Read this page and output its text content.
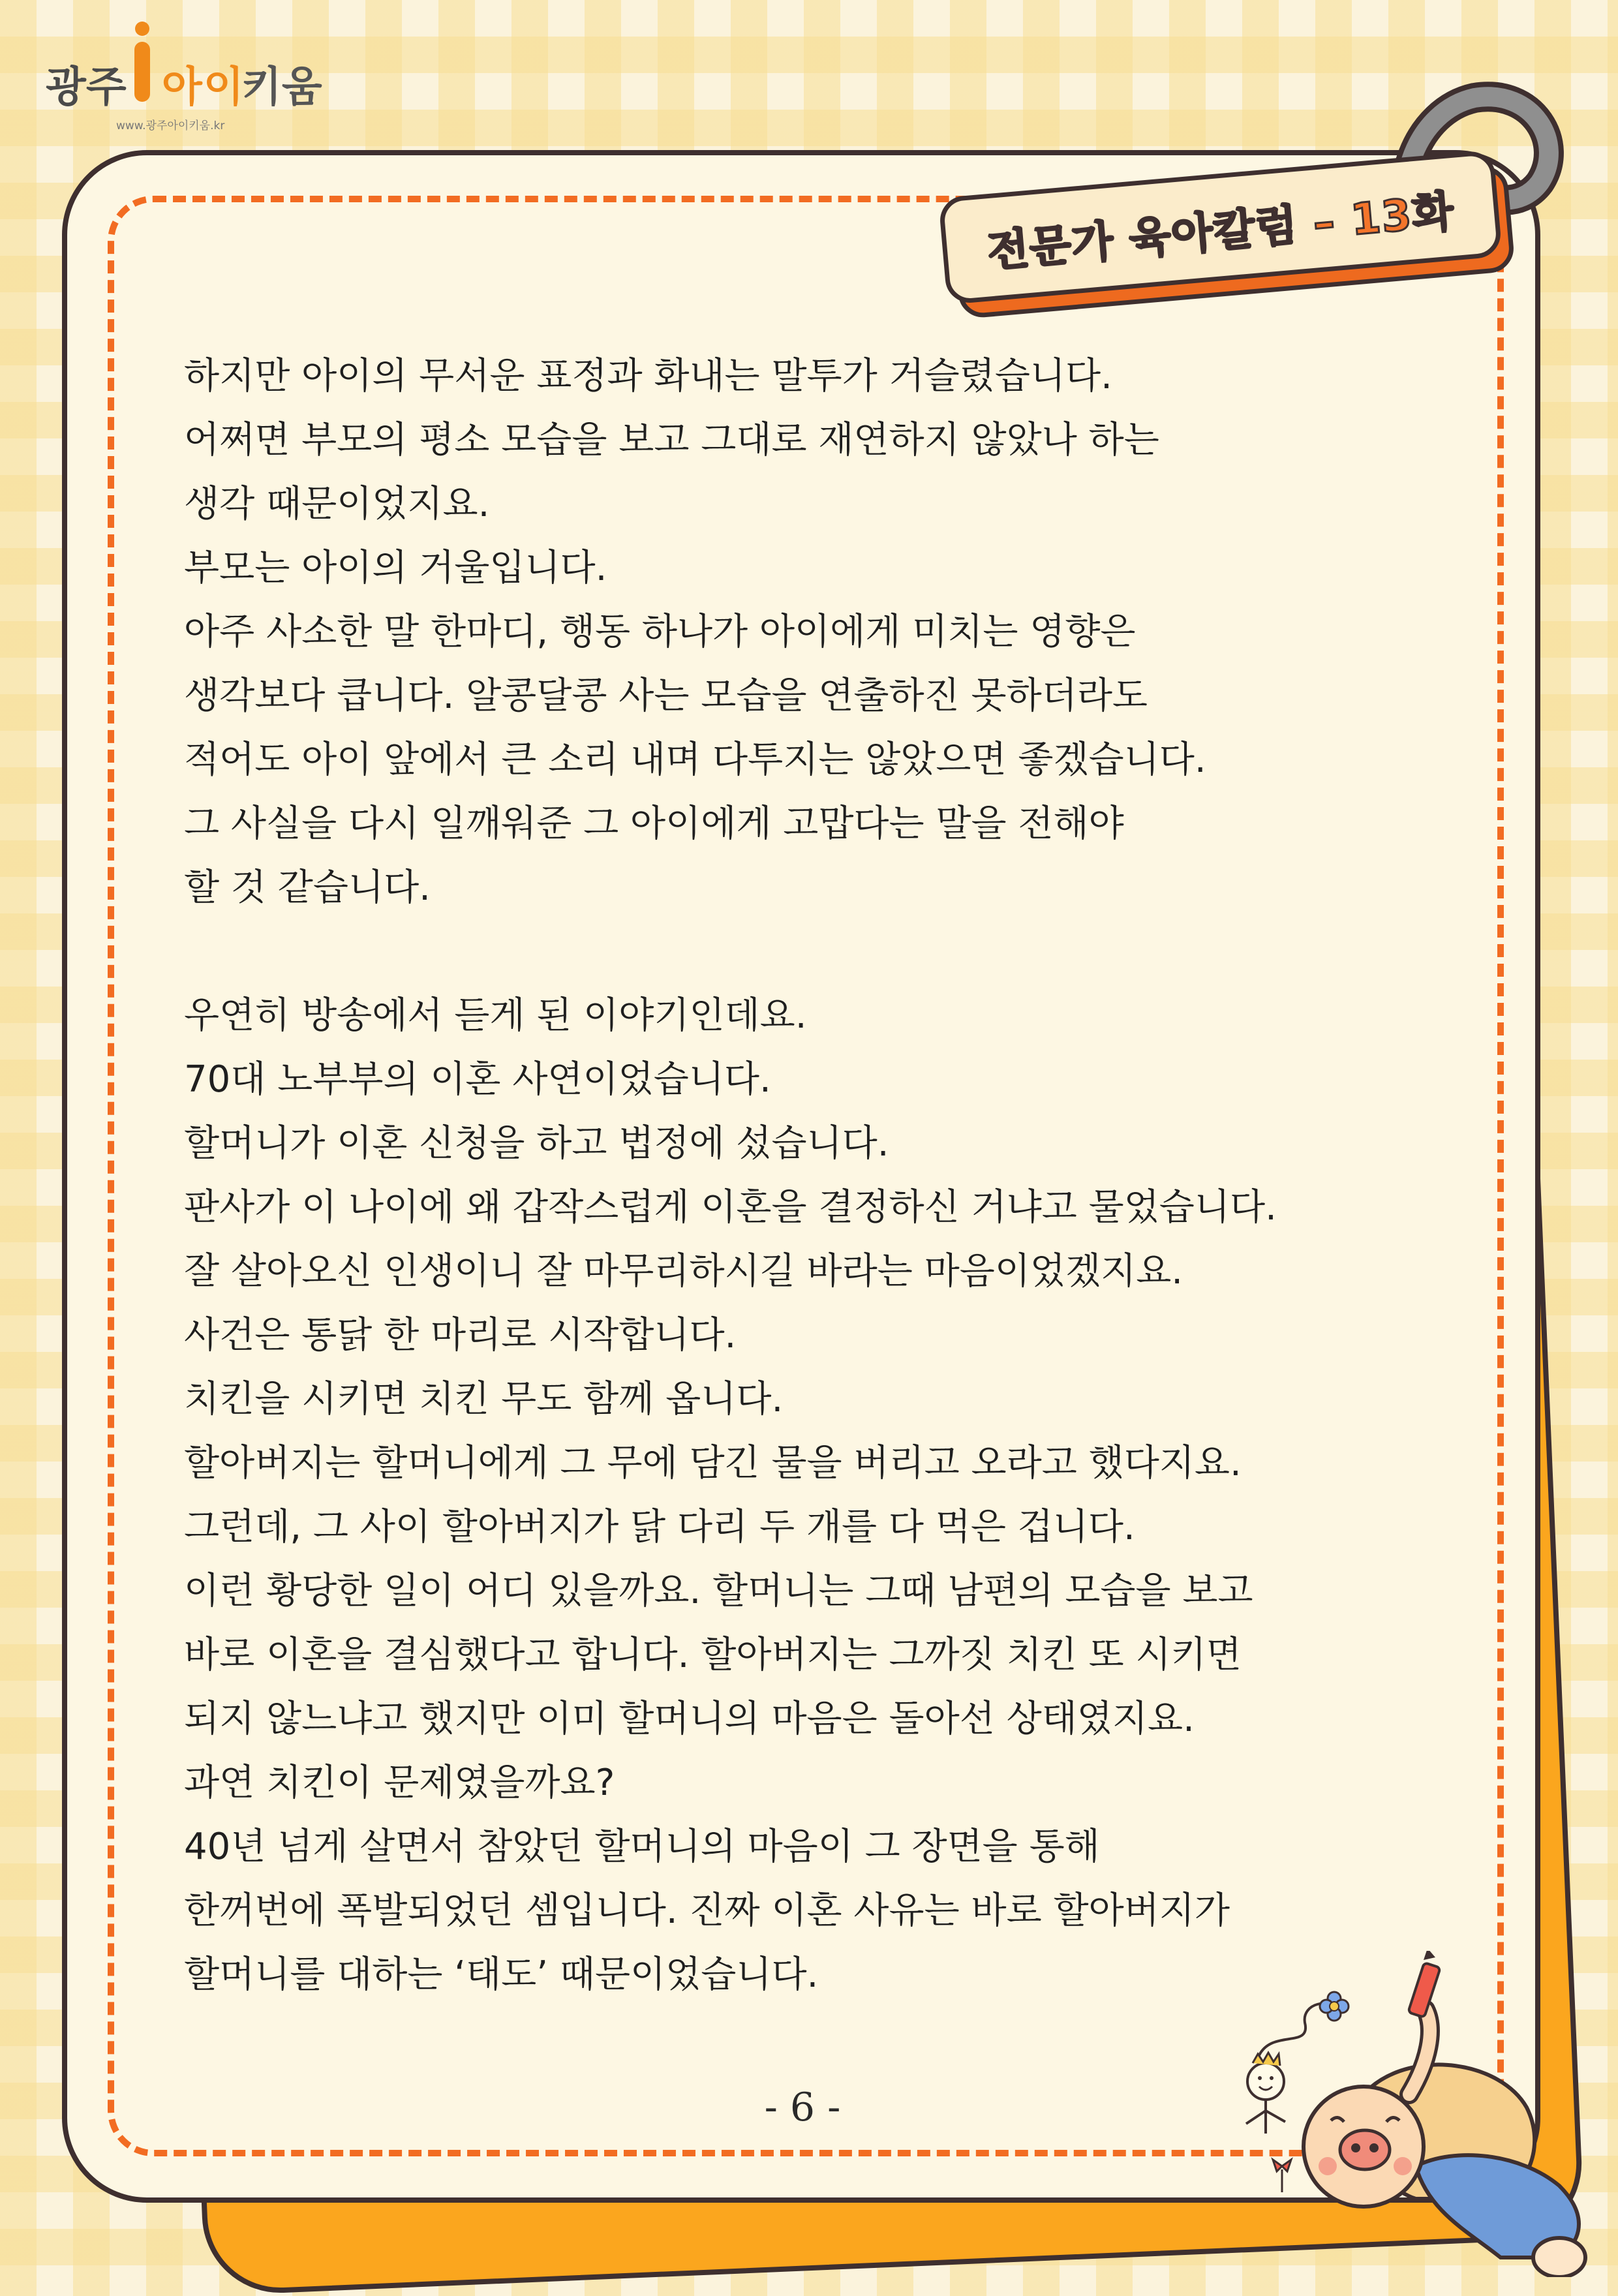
광주 아이
키움
www.광주아이키움.kr
전문가 육아칼럼 – 13화
하지만 아이의 무서운 표정과 화내는 말투가 거슬렸습니다.
어쩌면 부모의 평소 모습을 보고 그대로 재연하지 않았나 하는
생각 때문이었지요.
부모는 아이의 거울입니다.
아주 사소한 말 한마디, 행동 하나가 아이에게 미치는 영향은
생각보다 큽니다. 알콩달콩 사는 모습을 연출하진 못하더라도
적어도 아이 앞에서 큰 소리 내며 다투지는 않았으면 좋겠습니다.
그 사실을 다시 일깨워준 그 아이에게 고맙다는 말을 전해야
할 것 같습니다.
우연히 방송에서 듣게 된 이야기인데요.
70대 노부부의 이혼 사연이었습니다.
할머니가 이혼 신청을 하고 법정에 섰습니다.
판사가 이 나이에 왜 갑작스럽게 이혼을 결정하신 거냐고 물었습니다.
잘 살아오신 인생이니 잘 마무리하시길 바라는 마음이었겠지요.
사건은 통닭 한 마리로 시작합니다.
치킨을 시키면 치킨 무도 함께 옵니다.
할아버지는 할머니에게 그 무에 담긴 물을 버리고 오라고 했다지요.
그런데, 그 사이 할아버지가 닭 다리 두 개를 다 먹은 겁니다.
이런 황당한 일이 어디 있을까요. 할머니는 그때 남편의 모습을 보고
바로 이혼을 결심했다고 합니다. 할아버지는 그까짓 치킨 또 시키면
되지 않느냐고 했지만 이미 할머니의 마음은 돌아선 상태였지요.
과연 치킨이 문제였을까요?
40년 넘게 살면서 참았던 할머니의 마음이 그 장면을 통해
한꺼번에 폭발되었던 셈입니다. 진짜 이혼 사유는 바로 할아버지가
할머니를 대하는 ‘태도’ 때문이었습니다.
- 6 -
